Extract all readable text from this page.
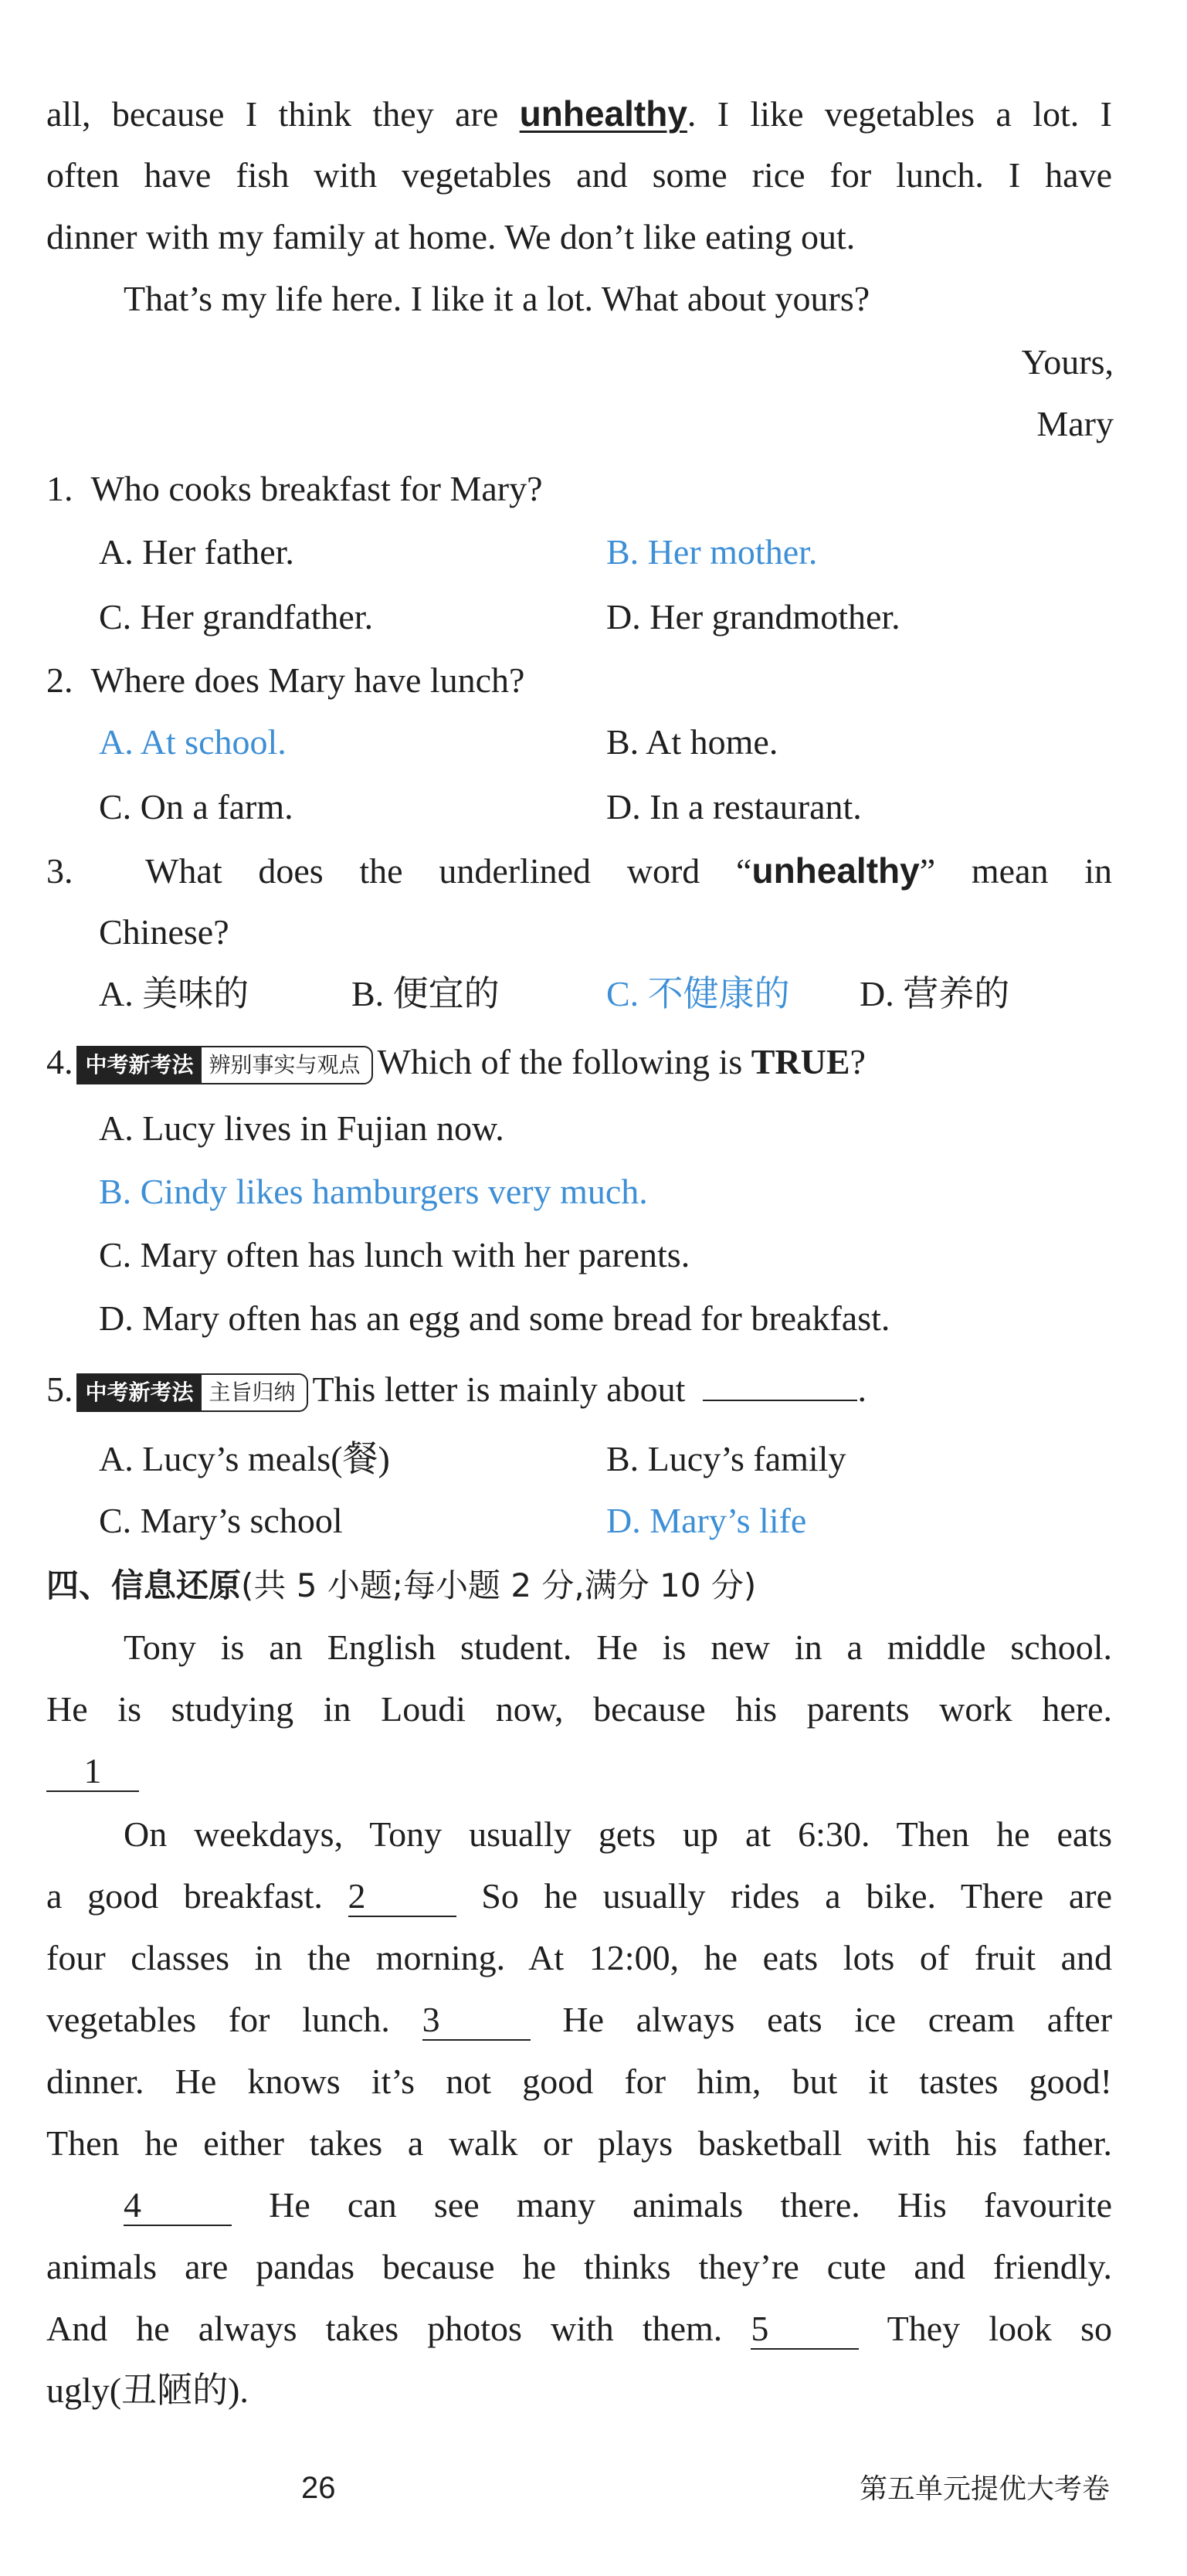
all, because I think they are unhealthy. I like vegetables a lot. I
often have fish with vegetables and some rice for lunch. I have
dinner with my family at home. We don’t like eating out.
That’s my life here. I like it a lot. What about yours?
Yours,
Mary
1. Who cooks breakfast for Mary?
A. Her father.	B. Her mother.
C. Her grandfather.	D. Her grandmother.
2. Where does Mary have lunch?
A. At school.	B. At home.
C. On a farm.	D. In a restaurant.
3. What does the underlined word “unhealthy” mean in
Chinese?
A. 美味的	B. 便宜的	C. 不健康的 D. 营养的
4. 中考新考法 辨别事实与观点 Which of the following is TRUE?
A. Lucy lives in Fujian now.
B. Cindy likes hamburgers very much.
C. Mary often has lunch with her parents.
D. Mary often has an egg and some bread for breakfast.
5. 中考新考法 主旨归纳 This letter is mainly about	.
A. Lucy’s meals(餐)	B. Lucy’s family
C. Mary’s school	D. Mary’s life
四、信息还原(共 5 小题;每小题 2 分,满分 10 分)
Tony is an English student. He is new in a middle school.
He is studying in Loudi now, because his parents work here.
1
On weekdays, Tony usually gets up at 6:30. Then he eats
a good breakfast. 2	So he usually rides a bike. There are
four classes in the morning. At 12:00, he eats lots of fruit and
vegetables for lunch. 3	He always eats ice cream after
dinner. He knows it’s not good for him, but it tastes good!
Then he either takes a walk or plays basketball with his father.
4	He can see many animals there. His favourite
animals are pandas because he thinks they’re cute and friendly.
And he always takes photos with them. 5	They look so
ugly(丑陋的).
26	第五单元提优大考卷
